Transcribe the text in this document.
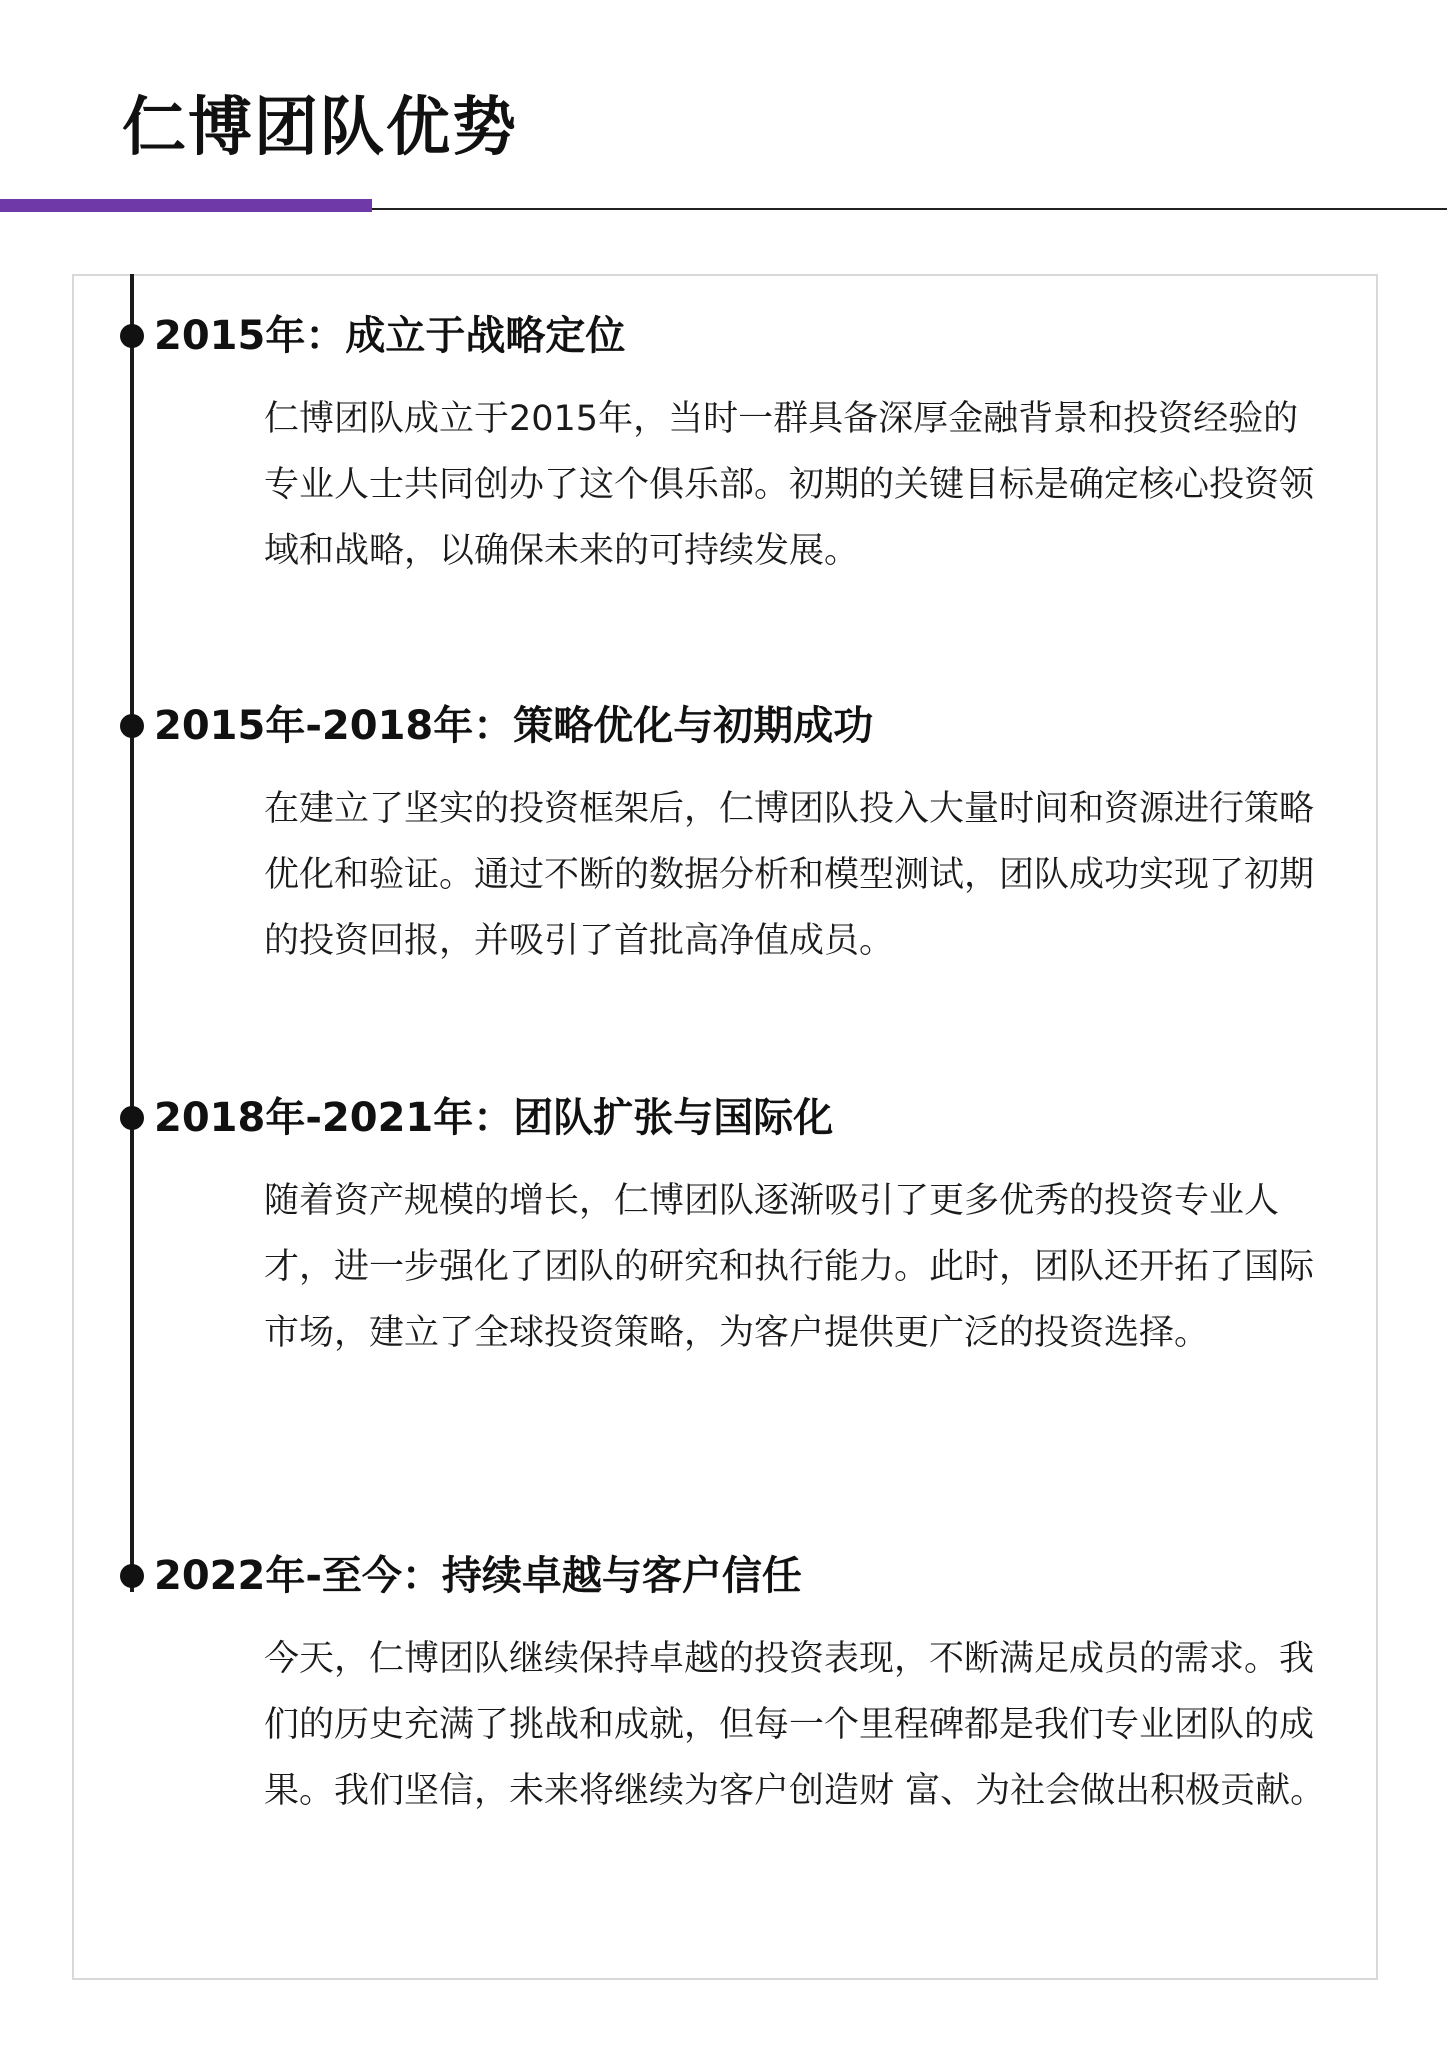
仁博团队优势
2015年：成立于战略定位

仁博团队成立于2015年，当时一群具备深厚金融背景和投资经验的专业人士共同创办了这个俱乐部。初期的关键目标是确定核心投资领域和战略，以确保未来的可持续发展。

2015年-2018年：策略优化与初期成功

在建立了坚实的投资框架后，仁博团队投入大量时间和资源进行策略优化和验证。通过不断的数据分析和模型测试，团队成功实现了初期的投资回报，并吸引了首批高净值成员。

2018年-2021年：团队扩张与国际化

随着资产规模的增长，仁博团队逐渐吸引了更多优秀的投资专业人才，进一步强化了团队的研究和执行能力。此时，团队还开拓了国际市场，建立了全球投资策略，为客户提供更广泛的投资选择。

2022年-至今：持续卓越与客户信任

今天，仁博团队继续保持卓越的投资表现，不断满足成员的需求。我们的历史充满了挑战和成就，但每一个里程碑都是我们专业团队的成果。我们坚信，未来将继续为客户创造财 富、为社会做出积极贡献。
